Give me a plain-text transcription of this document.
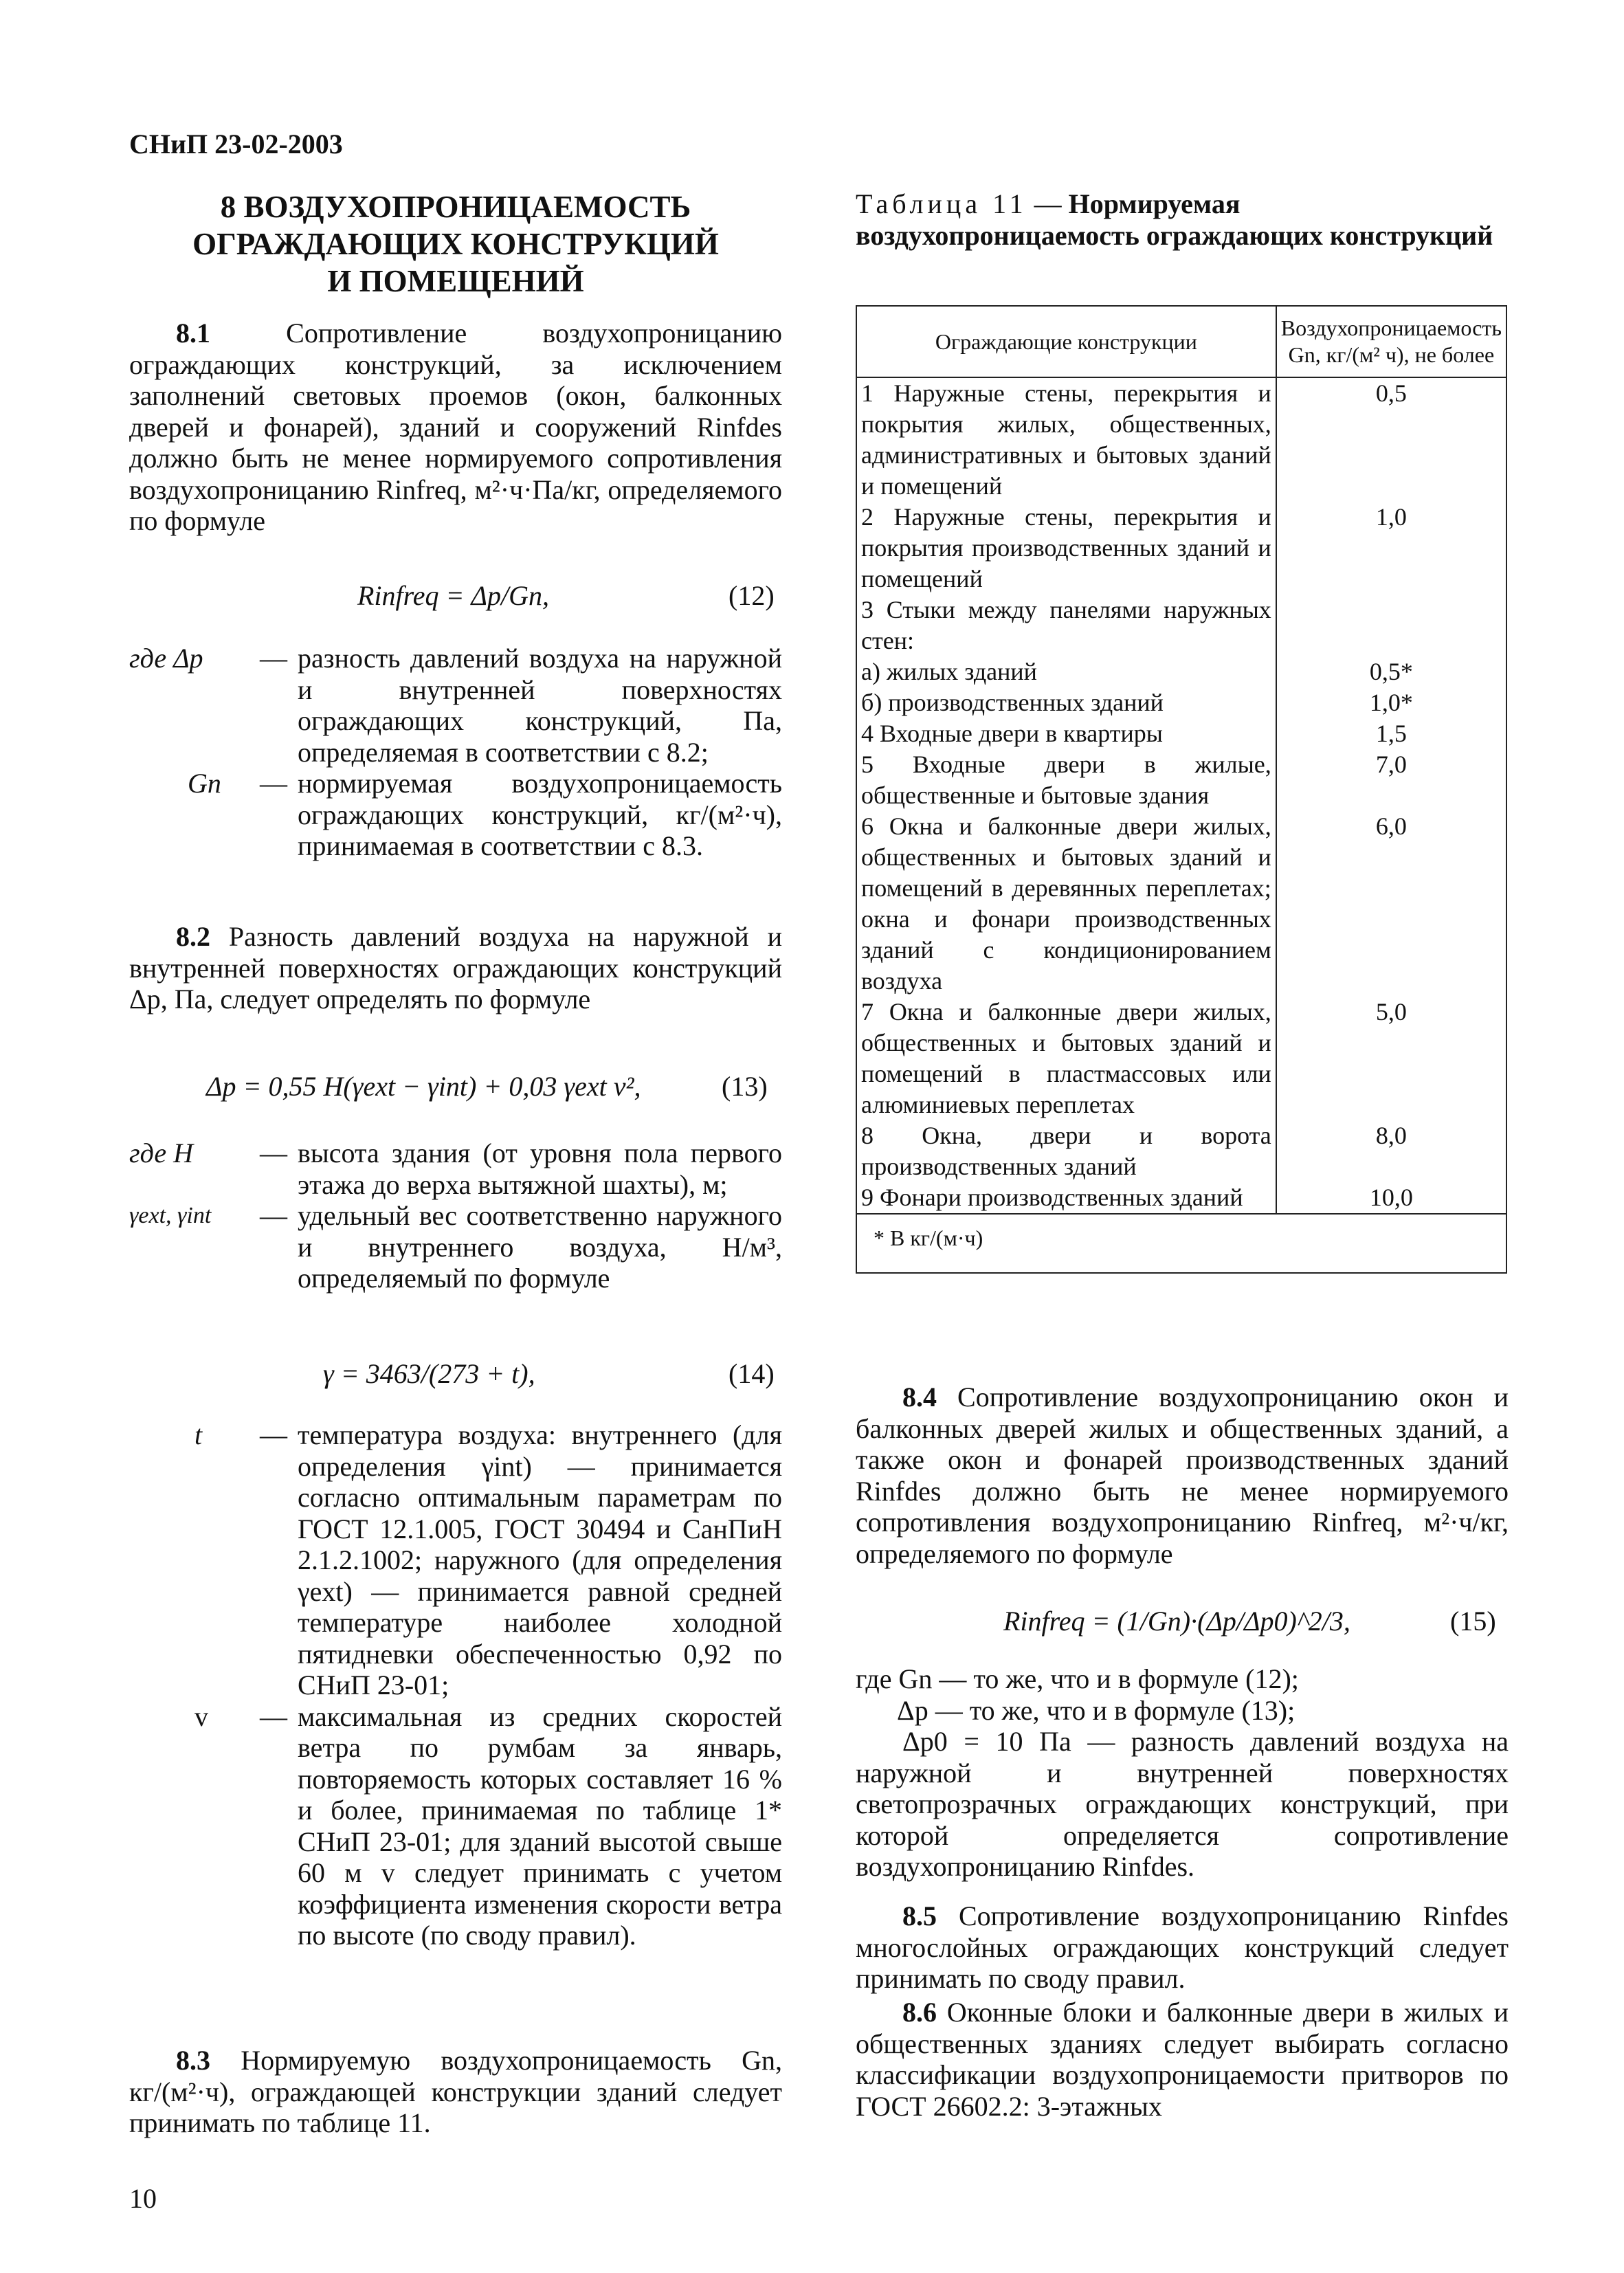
СНиП 23-02-2003
8 ВОЗДУХОПРОНИЦАЕМОСТЬ
ОГРАЖДАЮЩИХ КОНСТРУКЦИЙ
И ПОМЕЩЕНИЙ
8.1 Сопротивление воздухопроницанию ограждающих конструкций, за исключением заполнений световых проемов (окон, балконных дверей и фонарей), зданий и сооружений Rinfdes должно быть не менее нормируемого сопротивления воздухопроницанию Rinfreq, м²·ч·Па/кг, определяемого по формуле
Rinfreq = Δp/Gn,	(12)
где Δp — разность давлений воздуха на наружной и внутренней поверхностях ограждающих конструкций, Па, определяемая в соответствии с 8.2;
Gn — нормируемая воздухопроницаемость ограждающих конструкций, кг/(м²·ч), принимаемая в соответствии с 8.3.
8.2 Разность давлений воздуха на наружной и внутренней поверхностях ограждающих конструкций Δp, Па, следует определять по формуле
Δp = 0,55 H(γext − γint) + 0,03 γext v²,	(13)
где H — высота здания (от уровня пола первого этажа до верха вытяжной шахты), м;
γext, γint — удельный вес соответственно наружного и внутреннего воздуха, Н/м³, определяемый по формуле
γ = 3463/(273 + t),	(14)
t — температура воздуха: внутреннего (для определения γint) — принимается согласно оптимальным параметрам по ГОСТ 12.1.005, ГОСТ 30494 и СанПиН 2.1.2.1002; наружного (для определения γext) — принимается равной средней температуре наиболее холодной пятидневки обеспеченностью 0,92 по СНиП 23-01;
v — максимальная из средних скоростей ветра по румбам за январь, повторяемость которых составляет 16 % и более, принимаемая по таблице 1* СНиП 23-01; для зданий высотой свыше 60 м v следует принимать с учетом коэффициента изменения скорости ветра по высоте (по своду правил).
8.3 Нормируемую воздухопроницаемость Gn, кг/(м²·ч), ограждающей конструкции зданий следует принимать по таблице 11.
10
Таблица 11 — Нормируемая воздухопроницаемость ограждающих конструкций
Ограждающие конструкции	Воздухопроницаемость Gn, кг/(м² ч), не более
1 Наружные стены, перекрытия и покрытия жилых, общественных, административных и бытовых зданий и помещений	0,5
2 Наружные стены, перекрытия и покрытия производственных зданий и помещений	1,0
3 Стыки между панелями наружных стен:	
а) жилых зданий	0,5*
б) производственных зданий	1,0*
4 Входные двери в квартиры	1,5
5 Входные двери в жилые, общественные и бытовые здания	7,0
6 Окна и балконные двери жилых, общественных и бытовых зданий и помещений в деревянных переплетах; окна и фонари производственных зданий с кондиционированием воздуха	6,0
7 Окна и балконные двери жилых, общественных и бытовых зданий и помещений в пластмассовых или алюминиевых переплетах	5,0
8 Окна, двери и ворота производственных зданий	8,0
9 Фонари производственных зданий	10,0
* В кг/(м·ч)	
8.4 Сопротивление воздухопроницанию окон и балконных дверей жилых и общественных зданий, а также окон и фонарей производственных зданий Rinfdes должно быть не менее нормируемого сопротивления воздухопроницанию Rinfreq, м²·ч/кг, определяемого по формуле
Rinfreq = (1/Gn)·(Δp/Δp0)^2/3,	(15)
где Gn — то же, что и в формуле (12);
Δp — то же, что и в формуле (13);
Δp0 = 10 Па — разность давлений воздуха на наружной и внутренней поверхностях светопрозрачных ограждающих конструкций, при которой определяется сопротивление воздухопроницанию Rinfdes.
8.5 Сопротивление воздухопроницанию Rinfdes многослойных ограждающих конструкций следует принимать по своду правил.
8.6 Оконные блоки и балконные двери в жилых и общественных зданиях следует выбирать согласно классификации воздухопроницаемости притворов по ГОСТ 26602.2: 3-этажных
